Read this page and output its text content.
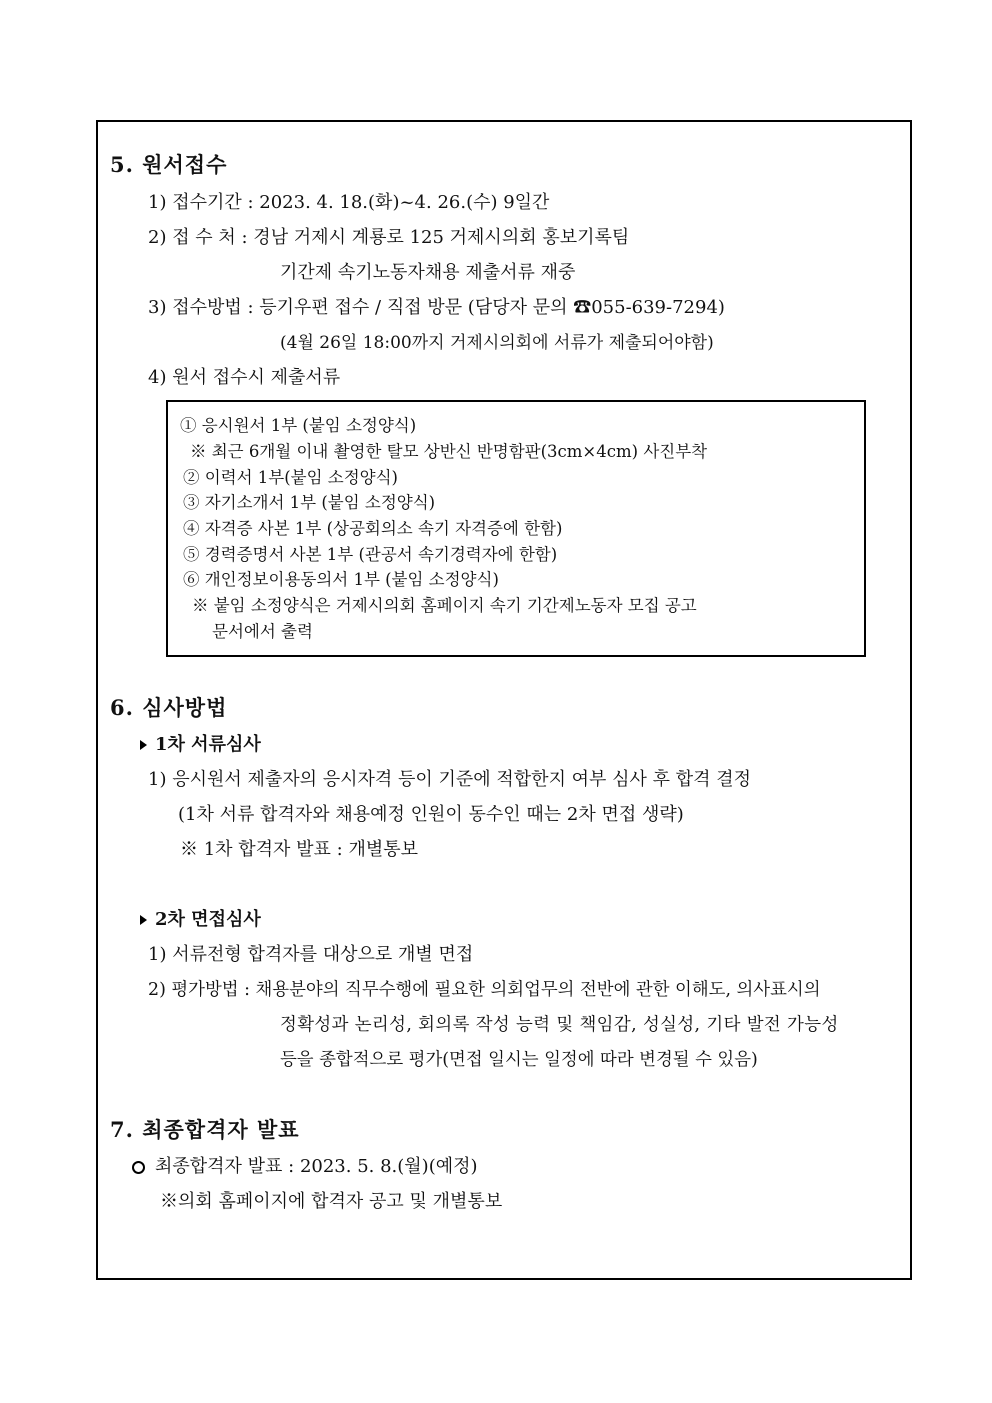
5. 원서접수
1) 접수기간 : 2023. 4. 18.(화)~4. 26.(수) 9일간
2) 접 수 처 : 경남 거제시 계룡로 125 거제시의회 홍보기록팀
기간제 속기노동자채용 제출서류 재중
3) 접수방법 : 등기우편 접수 / 직접 방문 (담당자 문의 ☎055-639-7294)
(4월 26일 18:00까지 거제시의회에 서류가 제출되어야함)
4) 원서 접수시 제출서류
① 응시원서 1부 (붙임 소정양식)
※ 최근 6개월 이내 촬영한 탈모 상반신 반명함판(3cm×4cm) 사진부착
② 이력서 1부(붙임 소정양식)
③ 자기소개서 1부 (붙임 소정양식)
④ 자격증 사본 1부 (상공회의소 속기 자격증에 한함)
⑤ 경력증명서 사본 1부 (관공서 속기경력자에 한함)
⑥ 개인정보이용동의서 1부 (붙임 소정양식)
※ 붙임 소정양식은 거제시의회 홈페이지 속기 기간제노동자 모집 공고
문서에서 출력
6. 심사방법
1차 서류심사
1) 응시원서 제출자의 응시자격 등이 기준에 적합한지 여부 심사 후 합격 결정
(1차 서류 합격자와 채용예정 인원이 동수인 때는 2차 면접 생략)
※ 1차 합격자 발표 : 개별통보
2차 면접심사
1) 서류전형 합격자를 대상으로 개별 면접
2) 평가방법 : 채용분야의 직무수행에 필요한 의회업무의 전반에 관한 이해도, 의사표시의
정확성과 논리성, 회의록 작성 능력 및 책임감, 성실성, 기타 발전 가능성
등을 종합적으로 평가(면접 일시는 일정에 따라 변경될 수 있음)
7. 최종합격자 발표
최종합격자 발표 : 2023. 5. 8.(월)(예정)
※의회 홈페이지에 합격자 공고 및 개별통보
